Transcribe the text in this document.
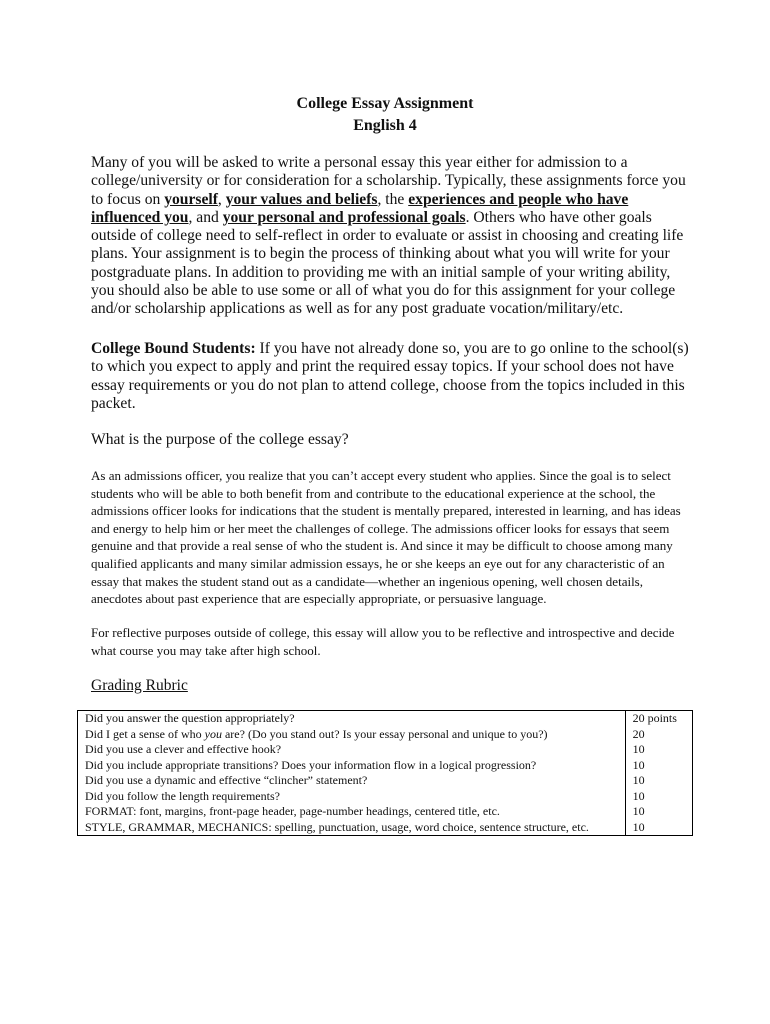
College Essay Assignment
English 4

Many of you will be asked to write a personal essay this year either for admission to a college/university or for consideration for a scholarship. Typically, these assignments force you to focus on yourself, your values and beliefs, the experiences and people who have influenced you, and your personal and professional goals. Others who have other goals outside of college need to self-reflect in order to evaluate or assist in choosing and creating life plans. Your assignment is to begin the process of thinking about what you will write for your postgraduate plans. In addition to providing me with an initial sample of your writing ability, you should also be able to use some or all of what you do for this assignment for your college and/or scholarship applications as well as for any post graduate vocation/military/etc.

College Bound Students: If you have not already done so, you are to go online to the school(s) to which you expect to apply and print the required essay topics. If your school does not have essay requirements or you do not plan to attend college, choose from the topics included in this packet.

What is the purpose of the college essay?

As an admissions officer, you realize that you can’t accept every student who applies. Since the goal is to select students who will be able to both benefit from and contribute to the educational experience at the school, the admissions officer looks for indications that the student is mentally prepared, interested in learning, and has ideas and energy to help him or her meet the challenges of college. The admissions officer looks for essays that seem genuine and that provide a real sense of who the student is. And since it may be difficult to choose among many qualified applicants and many similar admission essays, he or she keeps an eye out for any characteristic of an essay that makes the student stand out as a candidate—whether an ingenious opening, well chosen details, anecdotes about past experience that are especially appropriate, or persuasive language.

For reflective purposes outside of college, this essay will allow you to be reflective and introspective and decide what course you may take after high school.

Grading Rubric
Did you answer the question appropriately?	20 points
Did I get a sense of who you are? (Do you stand out? Is your essay personal and unique to you?)	20
Did you use a clever and effective hook?	10
Did you include appropriate transitions? Does your information flow in a logical progression?	10
Did you use a dynamic and effective “clincher” statement?	10
Did you follow the length requirements?	10
FORMAT: font, margins, front-page header, page-number headings, centered title, etc.	10
STYLE, GRAMMAR, MECHANICS: spelling, punctuation, usage, word choice, sentence structure, etc.	10
